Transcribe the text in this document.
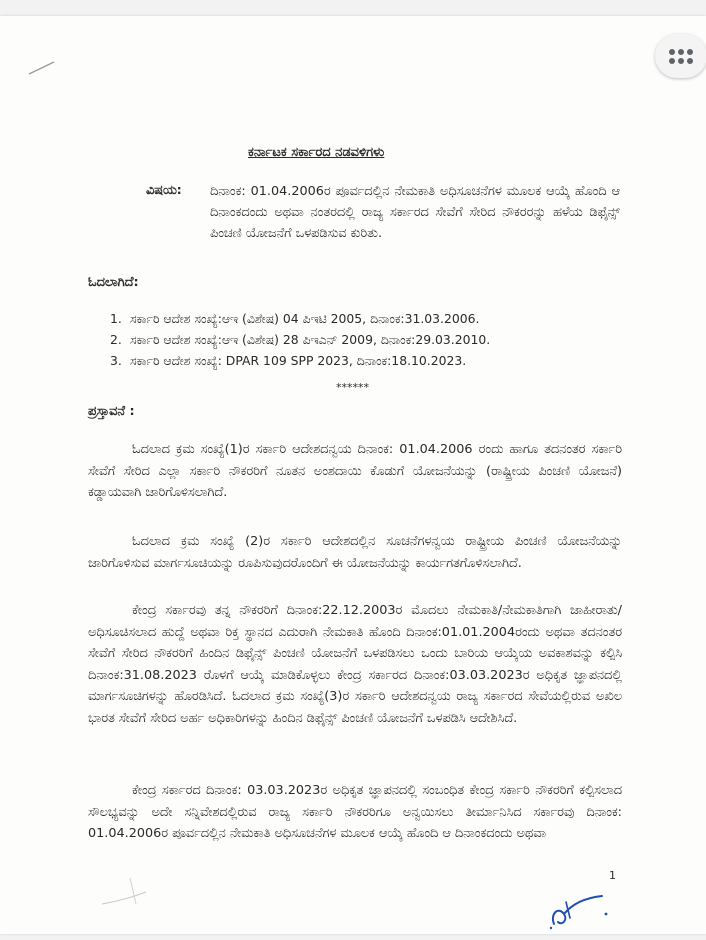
ಕರ್ನಾಟಕ ಸರ್ಕಾರದ ನಡವಳಿಗಳು
ವಿಷಯ: ದಿನಾಂಕ: 01.04.2006ರ ಪೂರ್ವದಲ್ಲಿನ ನೇಮಕಾತಿ ಅಧಿಸೂಚನೆಗಳ ಮೂಲಕ ಆಯ್ಕೆ ಹೊಂದಿ ಆ ದಿನಾಂಕದಂದು ಅಥವಾ ನಂತರದಲ್ಲಿ ರಾಜ್ಯ ಸರ್ಕಾರದ ಸೇವೆಗೆ ಸೇರಿದ ನೌಕರರನ್ನು ಹಳೆಯ ಡಿಫೈನ್ಸ್ ಪಿಂಚಣಿ ಯೋಜನೆಗೆ ಒಳಪಡಿಸುವ ಕುರಿತು.
ಓದಲಾಗಿದೆ:
1. ಸರ್ಕಾರಿ ಆದೇಶ ಸಂಖ್ಯೆ:ಆಇ (ವಿಶೇಷ) 04 ಪಿಇಟಿ 2005, ದಿನಾಂಕ:31.03.2006.
2. ಸರ್ಕಾರಿ ಆದೇಶ ಸಂಖ್ಯೆ:ಆಇ (ವಿಶೇಷ) 28 ಪಿಇಎನ್ 2009, ದಿನಾಂಕ:29.03.2010.
3. ಸರ್ಕಾರಿ ಆದೇಶ ಸಂಖ್ಯೆ: DPAR 109 SPP 2023, ದಿನಾಂಕ:18.10.2023.
******
ಪ್ರಸ್ತಾವನೆ :

ಓದಲಾದ ಕ್ರಮ ಸಂಖ್ಯೆ(1)ರ ಸರ್ಕಾರಿ ಆದೇಶದನ್ವಯ ದಿನಾಂಕ: 01.04.2006 ರಂದು ಹಾಗೂ ತದನಂತರ ಸರ್ಕಾರಿ ಸೇವೆಗೆ ಸೇರಿದ ಎಲ್ಲಾ ಸರ್ಕಾರಿ ನೌಕರರಿಗೆ ನೂತನ ಅಂಶದಾಯಿ ಕೊಡುಗೆ ಯೋಜನೆಯನ್ನು (ರಾಷ್ಟ್ರೀಯ ಪಿಂಚಣಿ ಯೋಜನೆ) ಕಡ್ಡಾಯವಾಗಿ ಜಾರಿಗೊಳಿಸಲಾಗಿದೆ.

ಓದಲಾದ ಕ್ರಮ ಸಂಖ್ಯೆ (2)ರ ಸರ್ಕಾರಿ ಆದೇಶದಲ್ಲಿನ ಸೂಚನೆಗಳನ್ವಯ ರಾಷ್ಟ್ರೀಯ ಪಿಂಚಣಿ ಯೋಜನೆಯನ್ನು ಜಾರಿಗೊಳಿಸುವ ಮಾರ್ಗಸೂಚಿಯನ್ನು ರೂಪಿಸುವುದರೊಂದಿಗೆ ಈ ಯೋಜನೆಯನ್ನು ಕಾರ್ಯಗತಗೊಳಿಸಲಾಗಿದೆ.

ಕೇಂದ್ರ ಸರ್ಕಾರವು ತನ್ನ ನೌಕರರಿಗೆ ದಿನಾಂಕ:22.12.2003ರ ಮೊದಲು ನೇಮಕಾತಿ/ನೇಮಕಾತಿಗಾಗಿ ಜಾಹೀರಾತು/ಅಧಿಸೂಚಿಸಲಾದ ಹುದ್ದೆ ಅಥವಾ ರಿಕ್ತ ಸ್ಥಾನದ ಎದುರಾಗಿ ನೇಮಕಾತಿ ಹೊಂದಿ ದಿನಾಂಕ:01.01.2004ರಂದು ಅಥವಾ ತದನಂತರ ಸೇವೆಗೆ ಸೇರಿದ ನೌಕರರಿಗೆ ಹಿಂದಿನ ಡಿಫೈನ್ಸ್ ಪಿಂಚಣಿ ಯೋಜನೆಗೆ ಒಳಪಡಿಸಲು ಒಂದು ಬಾರಿಯ ಆಯ್ಕೆಯ ಅವಕಾಶವನ್ನು ಕಲ್ಪಿಸಿ ದಿನಾಂಕ:31.08.2023 ರೊಳಗೆ ಆಯ್ಕೆ ಮಾಡಿಕೊಳ್ಳಲು ಕೇಂದ್ರ ಸರ್ಕಾರದ ದಿನಾಂಕ:03.03.2023ರ ಅಧಿಕೃತ ಜ್ಞಾಪನದಲ್ಲಿ ಮಾರ್ಗಸೂಚಿಗಳನ್ನು ಹೊರಡಿಸಿದೆ. ಓದಲಾದ ಕ್ರಮ ಸಂಖ್ಯೆ(3)ರ ಸರ್ಕಾರಿ ಆದೇಶದನ್ವಯ ರಾಜ್ಯ ಸರ್ಕಾರದ ಸೇವೆಯಲ್ಲಿರುವ ಅಖಿಲ ಭಾರತ ಸೇವೆಗೆ ಸೇರಿದ ಅರ್ಹ ಅಧಿಕಾರಿಗಳನ್ನು ಹಿಂದಿನ ಡಿಫೈನ್ಸ್ ಪಿಂಚಣಿ ಯೋಜನೆಗೆ ಒಳಪಡಿಸಿ ಆದೇಶಿಸಿದೆ.

ಕೇಂದ್ರ ಸರ್ಕಾರದ ದಿನಾಂಕ: 03.03.2023ರ ಅಧಿಕೃತ ಜ್ಞಾಪನದಲ್ಲಿ ಸಂಬಂಧಿತ ಕೇಂದ್ರ ಸರ್ಕಾರಿ ನೌಕರರಿಗೆ ಕಲ್ಪಿಸಲಾದ ಸೌಲಭ್ಯವನ್ನು ಅದೇ ಸನ್ನಿವೇಶದಲ್ಲಿರುವ ರಾಜ್ಯ ಸರ್ಕಾರಿ ನೌಕರರಿಗೂ ಅನ್ವಯಿಸಲು ತೀರ್ಮಾನಿಸಿದ ಸರ್ಕಾರವು ದಿನಾಂಕ: 01.04.2006ರ ಪೂರ್ವದಲ್ಲಿನ ನೇಮಕಾತಿ ಅಧಿಸೂಚನೆಗಳ ಮೂಲಕ ಆಯ್ಕೆ ಹೊಂದಿ ಆ ದಿನಾಂಕದಂದು ಅಥವಾ

1
